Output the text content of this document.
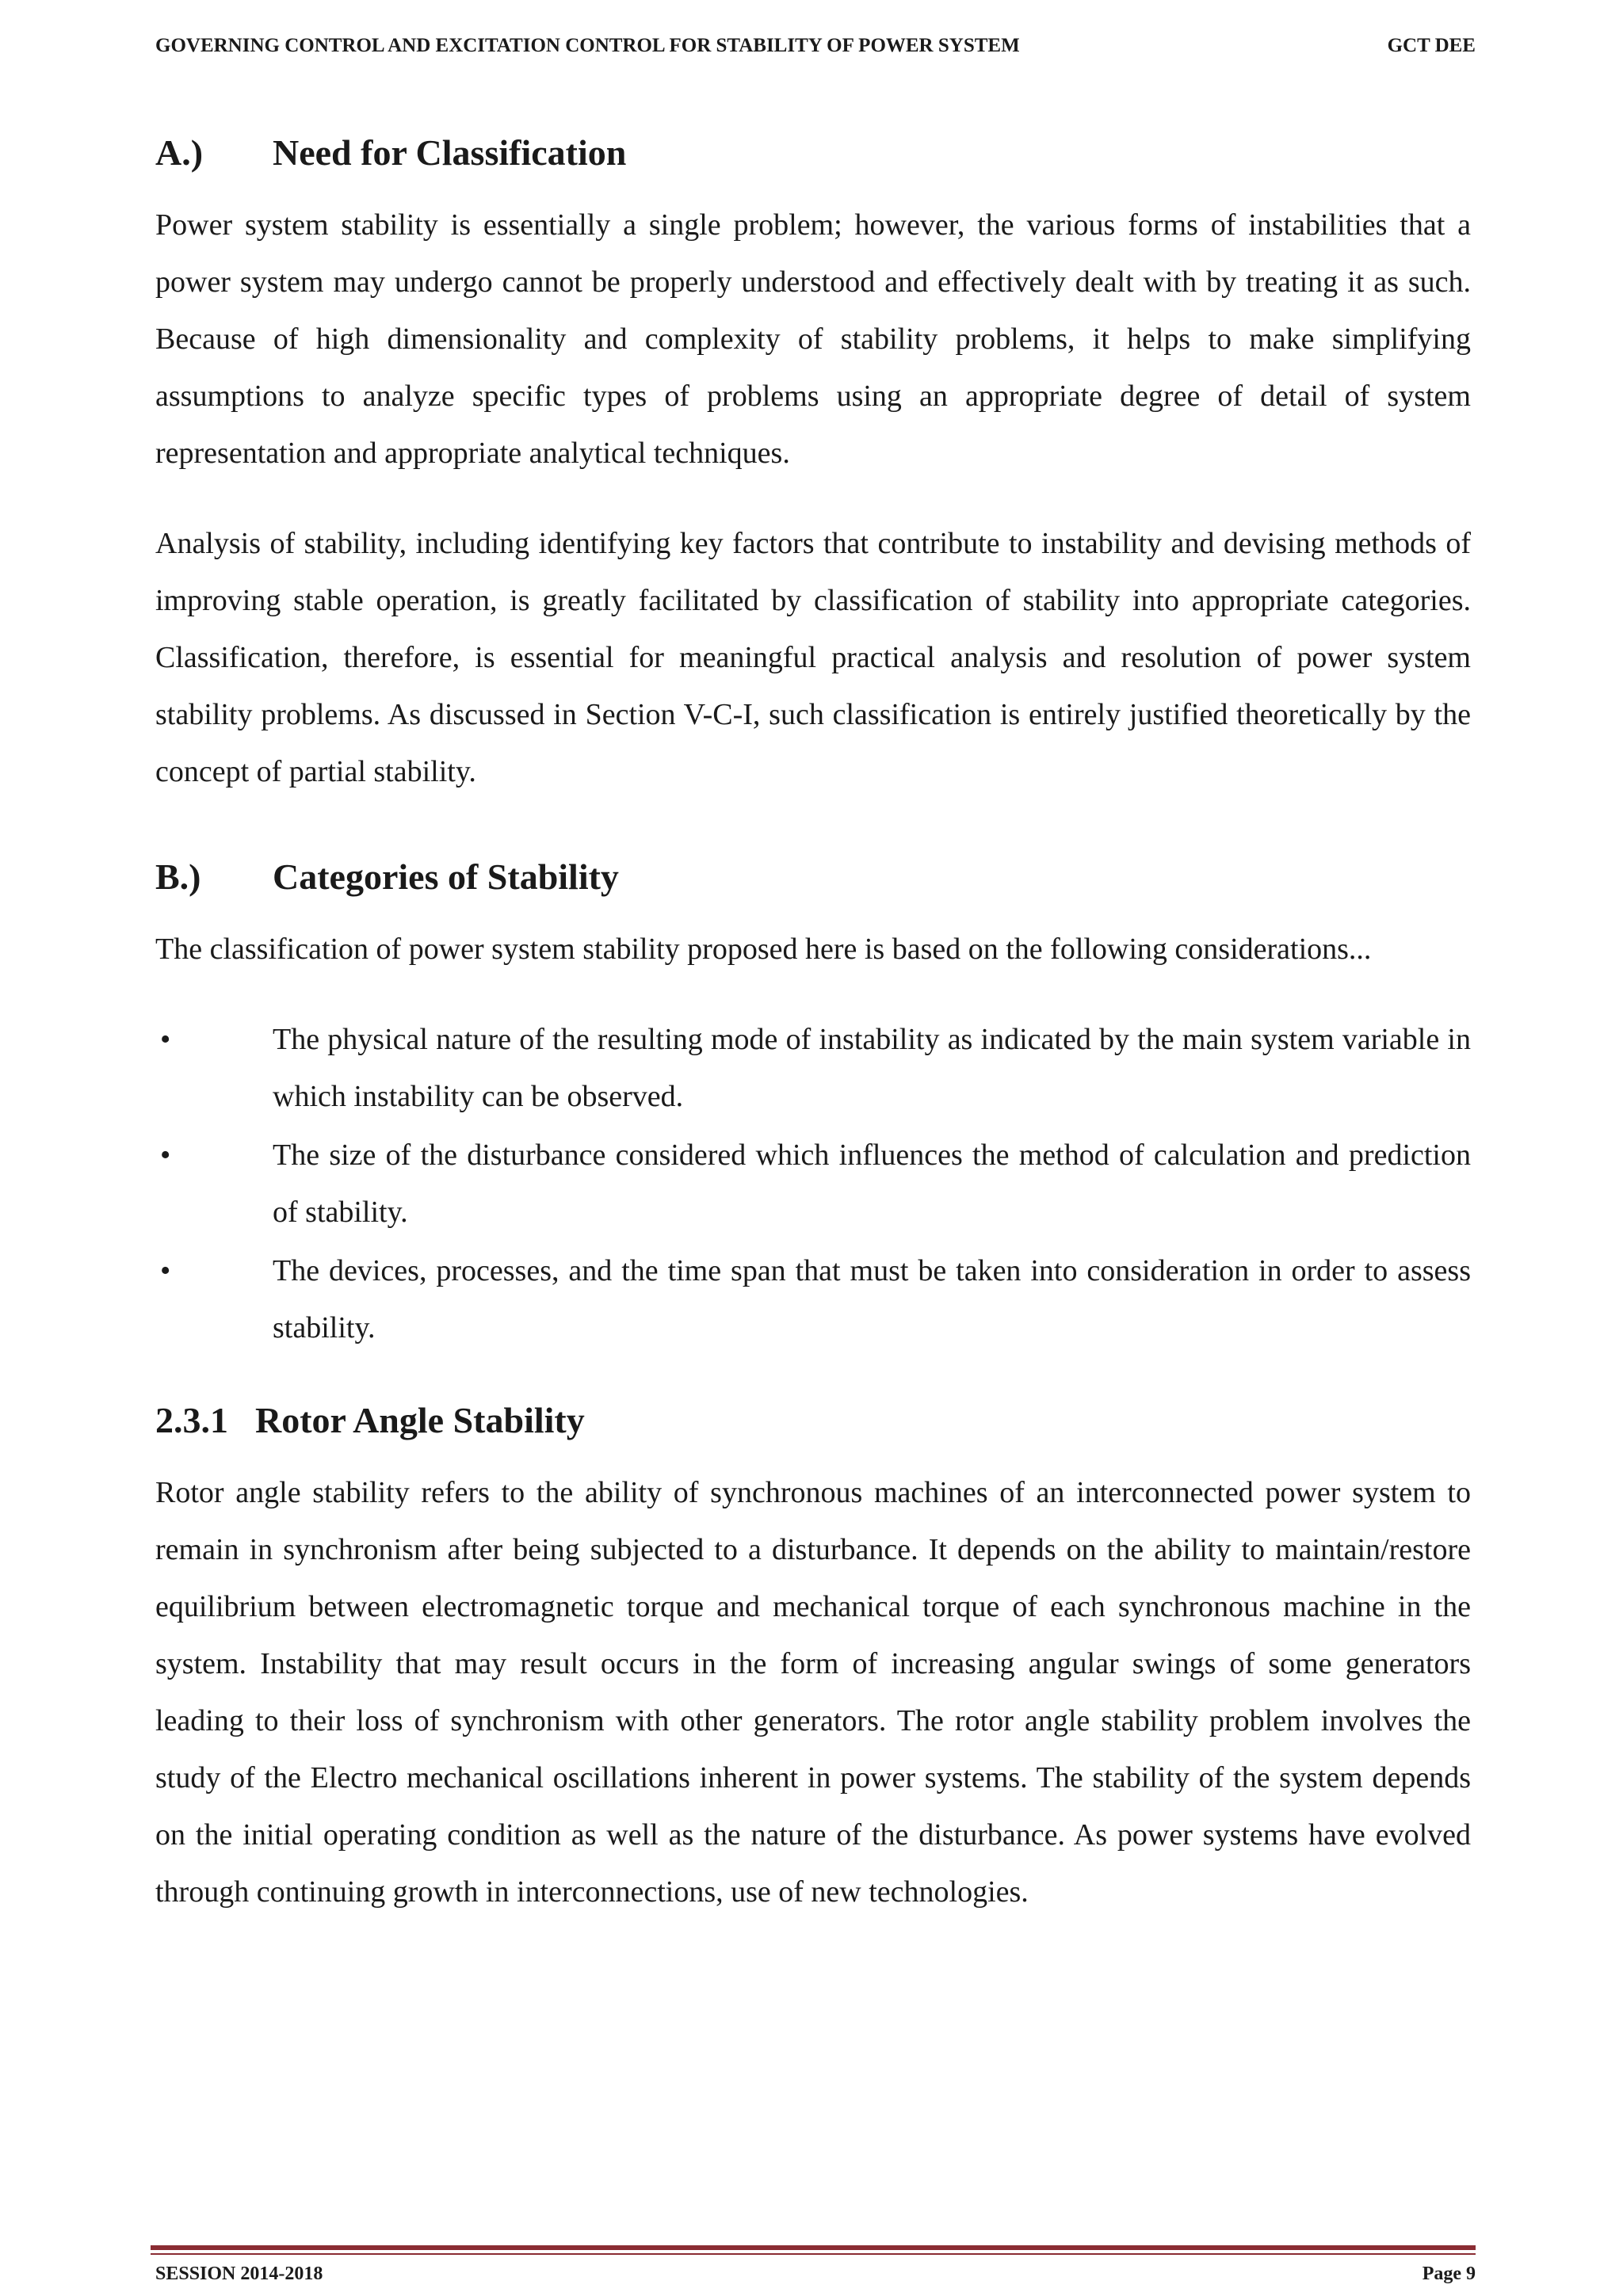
GOVERNING CONTROL AND EXCITATION CONTROL FOR STABILITY OF POWER SYSTEM	GCT DEE
A.)	Need for Classification

Power system stability is essentially a single problem; however, the various forms of instabilities that a power system may undergo cannot be properly understood and effectively dealt with by treating it as such. Because of high dimensionality and complexity of stability problems, it helps to make simplifying assumptions to analyze specific types of problems using an appropriate degree of detail of system representation and appropriate analytical techniques.

Analysis of stability, including identifying key factors that contribute to instability and devising methods of improving stable operation, is greatly facilitated by classification of stability into appropriate categories. Classification, therefore, is essential for meaningful practical analysis and resolution of power system stability problems. As discussed in Section V-C-I, such classification is entirely justified theoretically by the concept of partial stability.

B.)	Categories of Stability

The classification of power system stability proposed here is based on the following considerations...

•	The physical nature of the resulting mode of instability as indicated by the main system variable in which instability can be observed.
•	The size of the disturbance considered which influences the method of calculation and prediction of stability.
•	The devices, processes, and the time span that must be taken into consideration in order to assess stability.
2.3.1 Rotor Angle Stability

Rotor angle stability refers to the ability of synchronous machines of an interconnected power system to remain in synchronism after being subjected to a disturbance. It depends on the ability to maintain/restore equilibrium between electromagnetic torque and mechanical torque of each synchronous machine in the system. Instability that may result occurs in the form of increasing angular swings of some generators leading to their loss of synchronism with other generators. The rotor angle stability problem involves the study of the Electro mechanical oscillations inherent in power systems. The stability of the system depends on the initial operating condition as well as the nature of the disturbance. As power systems have evolved through continuing growth in interconnections, use of new technologies.

SESSION 2014-2018	Page 9
